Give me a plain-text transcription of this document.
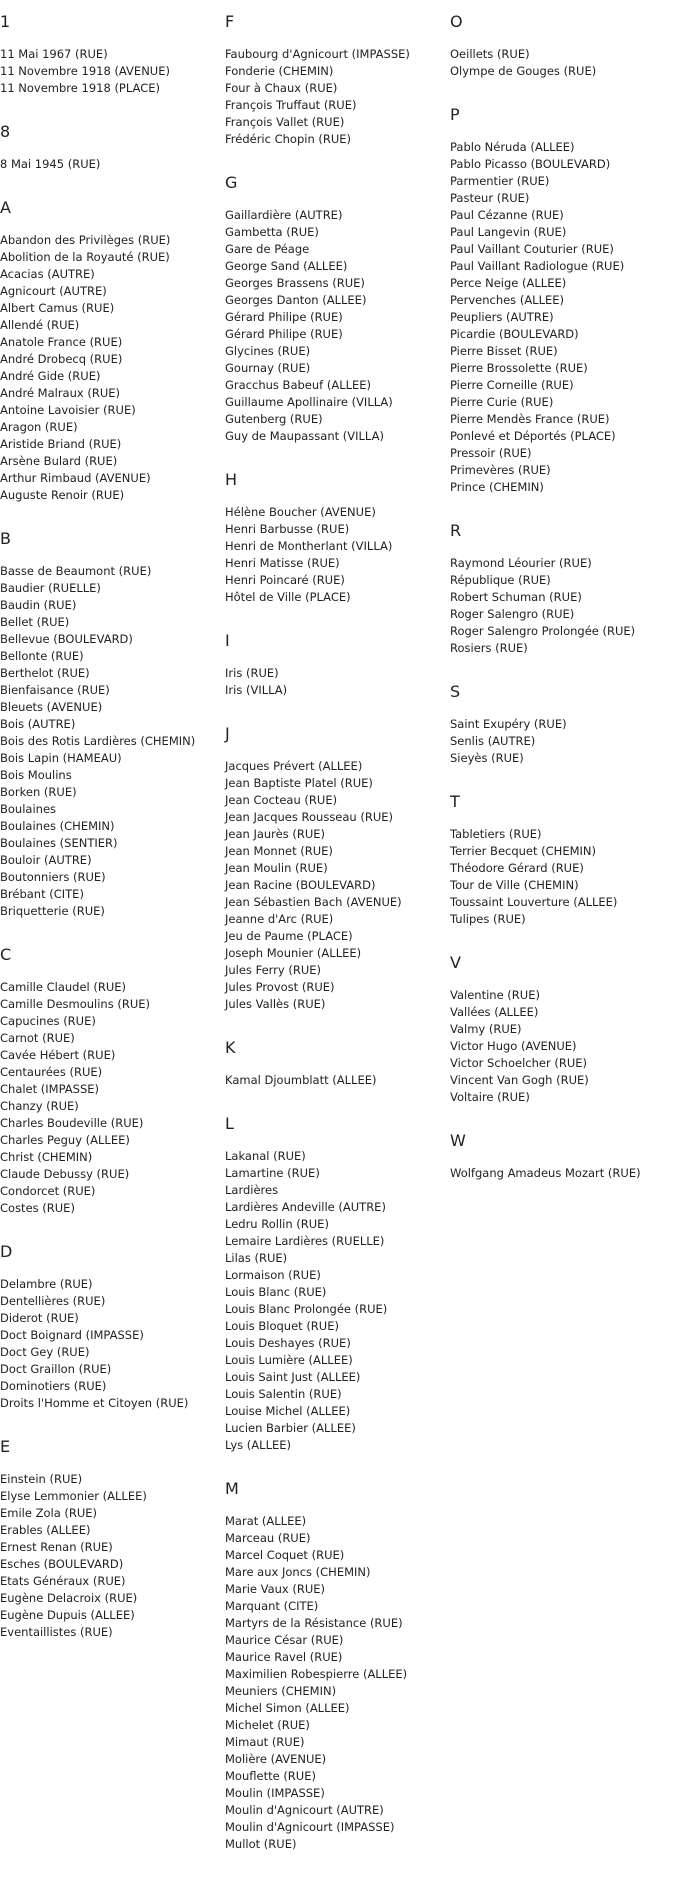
1
11 Mai 1967 (RUE)
11 Novembre 1918 (AVENUE)
11 Novembre 1918 (PLACE)
8
8 Mai 1945 (RUE)
A
Abandon des Privilèges (RUE)
Abolition de la Royauté (RUE)
Acacias (AUTRE)
Agnicourt (AUTRE)
Albert Camus (RUE)
Allendé (RUE)
Anatole France (RUE)
André Drobecq (RUE)
André Gide (RUE)
André Malraux (RUE)
Antoine Lavoisier (RUE)
Aragon (RUE)
Aristide Briand (RUE)
Arsène Bulard (RUE)
Arthur Rimbaud (AVENUE)
Auguste Renoir (RUE)
B
Basse de Beaumont (RUE)
Baudier (RUELLE)
Baudin (RUE)
Bellet (RUE)
Bellevue (BOULEVARD)
Bellonte (RUE)
Berthelot (RUE)
Bienfaisance (RUE)
Bleuets (AVENUE)
Bois (AUTRE)
Bois des Rotis Lardières (CHEMIN)
Bois Lapin (HAMEAU)
Bois Moulins
Borken (RUE)
Boulaines
Boulaines (CHEMIN)
Boulaines (SENTIER)
Bouloir (AUTRE)
Boutonniers (RUE)
Brébant (CITE)
Briquetterie (RUE)
C
Camille Claudel (RUE)
Camille Desmoulins (RUE)
Capucines (RUE)
Carnot (RUE)
Cavée Hébert (RUE)
Centaurées (RUE)
Chalet (IMPASSE)
Chanzy (RUE)
Charles Boudeville (RUE)
Charles Peguy (ALLEE)
Christ (CHEMIN)
Claude Debussy (RUE)
Condorcet (RUE)
Costes (RUE)
D
Delambre (RUE)
Dentellières (RUE)
Diderot (RUE)
Doct Boignard (IMPASSE)
Doct Gey (RUE)
Doct Graillon (RUE)
Dominotiers (RUE)
Droits l'Homme et Citoyen (RUE)
E
Einstein (RUE)
Elyse Lemmonier (ALLEE)
Emile Zola (RUE)
Erables (ALLEE)
Ernest Renan (RUE)
Esches (BOULEVARD)
Etats Généraux (RUE)
Eugène Delacroix (RUE)
Eugène Dupuis (ALLEE)
Eventaillistes (RUE)
F
Faubourg d'Agnicourt (IMPASSE)
Fonderie (CHEMIN)
Four à Chaux (RUE)
François Truffaut (RUE)
François Vallet (RUE)
Frédéric Chopin (RUE)
G
Gaillardière (AUTRE)
Gambetta (RUE)
Gare de Péage
George Sand (ALLEE)
Georges Brassens (RUE)
Georges Danton (ALLEE)
Gérard Philipe (RUE)
Gérard Philipe (RUE)
Glycines (RUE)
Gournay (RUE)
Gracchus Babeuf (ALLEE)
Guillaume Apollinaire (VILLA)
Gutenberg (RUE)
Guy de Maupassant (VILLA)
H
Hélène Boucher (AVENUE)
Henri Barbusse (RUE)
Henri de Montherlant (VILLA)
Henri Matisse (RUE)
Henri Poincaré (RUE)
Hôtel de Ville (PLACE)
I
Iris (RUE)
Iris (VILLA)
J
Jacques Prévert (ALLEE)
Jean Baptiste Platel (RUE)
Jean Cocteau (RUE)
Jean Jacques Rousseau (RUE)
Jean Jaurès (RUE)
Jean Monnet (RUE)
Jean Moulin (RUE)
Jean Racine (BOULEVARD)
Jean Sébastien Bach (AVENUE)
Jeanne d'Arc (RUE)
Jeu de Paume (PLACE)
Joseph Mounier (ALLEE)
Jules Ferry (RUE)
Jules Provost (RUE)
Jules Vallès (RUE)
K
Kamal Djoumblatt (ALLEE)
L
Lakanal (RUE)
Lamartine (RUE)
Lardières
Lardières Andeville (AUTRE)
Ledru Rollin (RUE)
Lemaire Lardières (RUELLE)
Lilas (RUE)
Lormaison (RUE)
Louis Blanc (RUE)
Louis Blanc Prolongée (RUE)
Louis Bloquet (RUE)
Louis Deshayes (RUE)
Louis Lumière (ALLEE)
Louis Saint Just (ALLEE)
Louis Salentin (RUE)
Louise Michel (ALLEE)
Lucien Barbier (ALLEE)
Lys (ALLEE)
M
Marat (ALLEE)
Marceau (RUE)
Marcel Coquet (RUE)
Mare aux Joncs (CHEMIN)
Marie Vaux (RUE)
Marquant (CITE)
Martyrs de la Résistance (RUE)
Maurice César (RUE)
Maurice Ravel (RUE)
Maximilien Robespierre (ALLEE)
Meuniers (CHEMIN)
Michel Simon (ALLEE)
Michelet (RUE)
Mimaut (RUE)
Molière (AVENUE)
Mouflette (RUE)
Moulin (IMPASSE)
Moulin d'Agnicourt (AUTRE)
Moulin d'Agnicourt (IMPASSE)
Mullot (RUE)
O
Oeillets (RUE)
Olympe de Gouges (RUE)
P
Pablo Néruda (ALLEE)
Pablo Picasso (BOULEVARD)
Parmentier (RUE)
Pasteur (RUE)
Paul Cézanne (RUE)
Paul Langevin (RUE)
Paul Vaillant Couturier (RUE)
Paul Vaillant Radiologue (RUE)
Perce Neige (ALLEE)
Pervenches (ALLEE)
Peupliers (AUTRE)
Picardie (BOULEVARD)
Pierre Bisset (RUE)
Pierre Brossolette (RUE)
Pierre Corneille (RUE)
Pierre Curie (RUE)
Pierre Mendès France (RUE)
Ponlevé et Déportés (PLACE)
Pressoir (RUE)
Primevères (RUE)
Prince (CHEMIN)
R
Raymond Léourier (RUE)
République (RUE)
Robert Schuman (RUE)
Roger Salengro (RUE)
Roger Salengro Prolongée (RUE)
Rosiers (RUE)
S
Saint Exupéry (RUE)
Senlis (AUTRE)
Sieyès (RUE)
T
Tabletiers (RUE)
Terrier Becquet (CHEMIN)
Théodore Gérard (RUE)
Tour de Ville (CHEMIN)
Toussaint Louverture (ALLEE)
Tulipes (RUE)
V
Valentine (RUE)
Vallées (ALLEE)
Valmy (RUE)
Victor Hugo (AVENUE)
Victor Schoelcher (RUE)
Vincent Van Gogh (RUE)
Voltaire (RUE)
W
Wolfgang Amadeus Mozart (RUE)
